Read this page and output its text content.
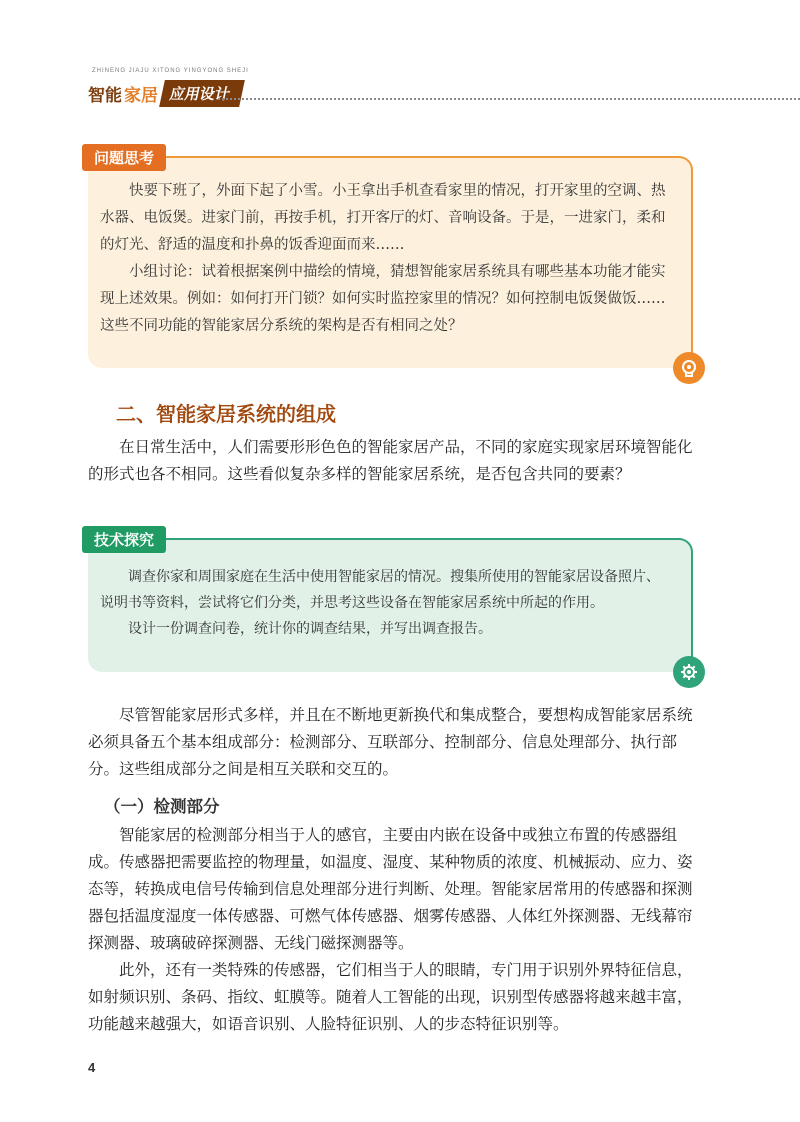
ZHINENG JIAJU XITONG YINGYONG SHEJI
智能 家居 应用设计
问题思考

快要下班了，外面下起了小雪。小王拿出手机查看家里的情况，打开家里的空调、热水器、电饭煲。进家门前，再按手机，打开客厅的灯、音响设备。于是，一进家门，柔和的灯光、舒适的温度和扑鼻的饭香迎面而来……

小组讨论：试着根据案例中描绘的情境，猜想智能家居系统具有哪些基本功能才能实现上述效果。例如：如何打开门锁？如何实时监控家里的情况？如何控制电饭煲做饭……这些不同功能的智能家居分系统的架构是否有相同之处？

二、智能家居系统的组成

在日常生活中，人们需要形形色色的智能家居产品，不同的家庭实现家居环境智能化的形式也各不相同。这些看似复杂多样的智能家居系统，是否包含共同的要素？

技术探究

调查你家和周围家庭在生活中使用智能家居的情况。搜集所使用的智能家居设备照片、说明书等资料，尝试将它们分类，并思考这些设备在智能家居系统中所起的作用。

设计一份调查问卷，统计你的调查结果，并写出调查报告。

尽管智能家居形式多样，并且在不断地更新换代和集成整合，要想构成智能家居系统必须具备五个基本组成部分：检测部分、互联部分、控制部分、信息处理部分、执行部分。这些组成部分之间是相互关联和交互的。

（一）检测部分

智能家居的检测部分相当于人的感官，主要由内嵌在设备中或独立布置的传感器组成。传感器把需要监控的物理量，如温度、湿度、某种物质的浓度、机械振动、应力、姿态等，转换成电信号传输到信息处理部分进行判断、处理。智能家居常用的传感器和探测器包括温度湿度一体传感器、可燃气体传感器、烟雾传感器、人体红外探测器、无线幕帘探测器、玻璃破碎探测器、无线门磁探测器等。

此外，还有一类特殊的传感器，它们相当于人的眼睛，专门用于识别外界特征信息，如射频识别、条码、指纹、虹膜等。随着人工智能的出现，识别型传感器将越来越丰富，功能越来越强大，如语音识别、人脸特征识别、人的步态特征识别等。

4
